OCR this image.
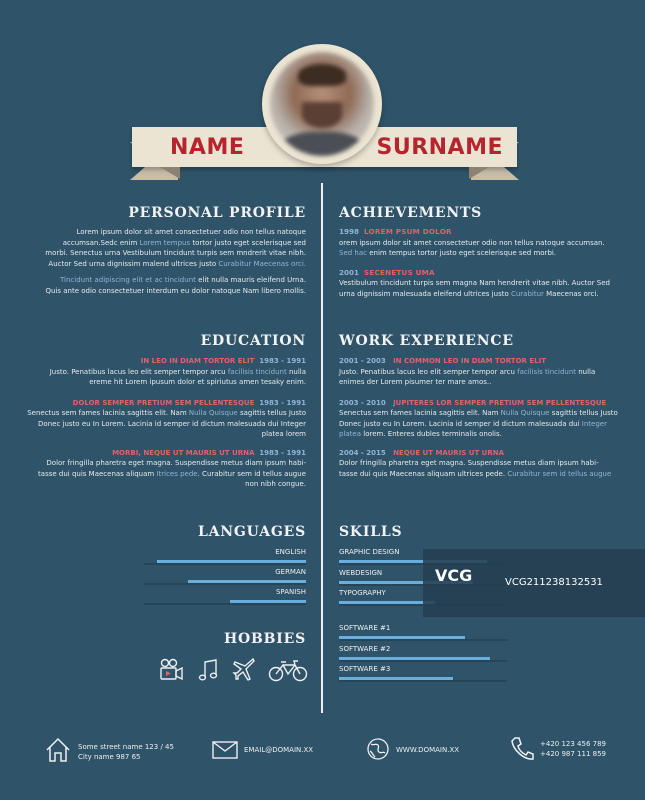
NAME	SURNAME
PERSONAL PROFILE
Lorem ipsum dolor sit amet consectetuer odio non tellus natoque
accumsan.Sedc enim Lorem tempus tortor justo eget scelerisque sed
morbi. Senectus urna Vestibulum tincidunt turpis sem mndrerit vitae nibh.
Auctor Sed urna dignissim malend ultrices justo Curabitur Maecenas orci.
Tincidunt adipiscing elit et ac tincidunt elit nulla mauris eleifend Urna.
Quis ante odio consectetuer interdum eu dolor natoque Nam libero mollis.
ACHIEVEMENTS
1998 LOREM PSUM DOLOR
orem ipsum dolor sit amet consectetuer odio non tellus natoque accumsan.
Sed hac enim tempus tortor justo eget scelerisque sed morbi.
2001 SECENETUS UMA
Vestibulum tincidunt turpis sem magna Nam hendrerit vitae nibh. Auctor Sed
urna dignissim malesuada eleifend ultrices justo Curabitur Maecenas orci.
EDUCATION
IN LEO IN DIAM TORTOR ELIT 1983 - 1991
Justo. Penatibus lacus leo elit semper tempor arcu facilisis tincidunt nulla
ereme hit Lorem ipusum dolor et spiriutus amen tesaky enim.
DOLOR SEMPER PRETIUM SEM PELLENTESQUE 1983 - 1991
Senectus sem fames lacinia sagittis elit. Nam Nulla Quisque sagittis tellus Justo
Donec justo eu In Lorem. Lacinia id semper id dictum malesuada dui Integer
platea lorem
MORBI, NEQUE UT MAURIS UT URNA 1983 - 1991
Dolor fringilla pharetra eget magna. Suspendisse metus diam ipsum habi-
tasse dui quis Maecenas aliquam Itrices pede. Curabitur sem id tellus augue
non nibh congue.
WORK EXPERIENCE
2001 - 2003 IN COMMON LEO IN DIAM TORTOR ELIT
Justo. Penatibus lacus leo elit semper tempor arcu facilisis tincidunt nulla
enimes der Lorem pisumer ter mare amos..
2003 - 2010 JUPITERES LOR SEMPER PRETIUM SEM PELLENTESQUE
Senectus sem fames lacinia sagittis elit. Nam Nulla Quisque sagittis tellus Justo
Donec justo eu In Lorem. Lacinia id semper id dictum malesuada dui Integer
platea lorem. Enteres dubles terminalis onolis.
2004 - 2015 NEQUE UT MAURIS UT URNA
Dolor fringilla pharetra eget magna. Suspendisse metus diam ipsum habi-
tasse dui quis Maecenas aliquam ultrices pede. Curabitur sem id tellus augue
LANGUAGES
ENGLISH
GERMAN
SPANISH
SKILLS
GRAPHIC DESIGN
WEBDESIGN
TYPOGRAPHY
SOFTWARE #1
SOFTWARE #2
SOFTWARE #3
HOBBIES
Some street name 123 / 45
City name 987 65
EMAIL@DOMAIN.XX	WWW.DOMAIN.XX
+420 123 456 789
+420 987 111 859
VCG	VCG211238132531
